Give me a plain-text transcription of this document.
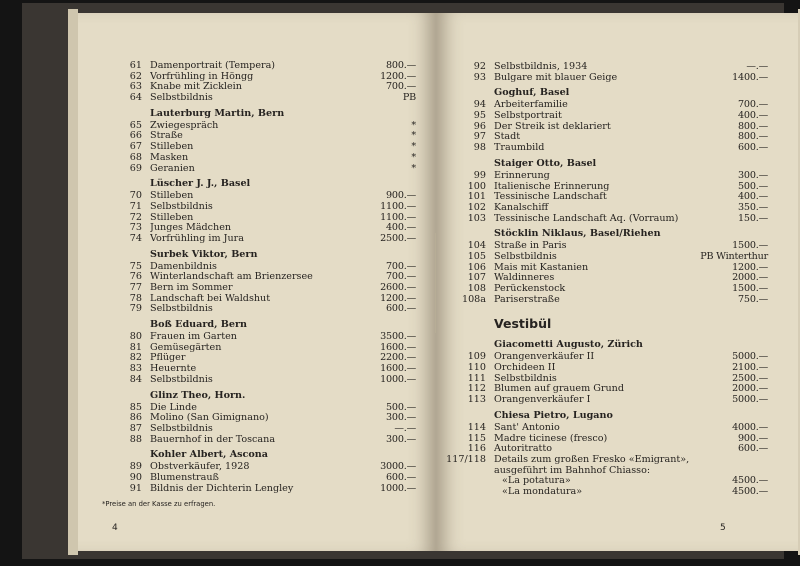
61 Damenportrait (Tempera)	800.—
62 Vorfrühling in Höngg	1200.—
63 Knabe mit Zicklein	700.—
64 Selbstbildnis	PB
Lauterburg Martin, Bern
65 Zwiegespräch	*
66 Straße	*
67 Stilleben	*
68 Masken	*
69 Geranien	*
Lüscher J. J., Basel
70 Stilleben	900.—
71 Selbstbildnis	1100.—
72 Stilleben	1100.—
73 Junges Mädchen	400.—
74 Vorfrühling im Jura	2500.—
Surbek Viktor, Bern
75 Damenbildnis	700.—
76 Winterlandschaft am Brienzersee	700.—
77 Bern im Sommer	2600.—
78 Landschaft bei Waldshut	1200.—
79 Selbstbildnis	600.—
Boß Eduard, Bern
80 Frauen im Garten	3500.—
81 Gemüsegärten	1600.—
82 Pflüger	2200.—
83 Heuernte	1600.—
84 Selbstbildnis	1000.—
Glinz Theo, Horn.
85 Die Linde	500.—
86 Molino (San Gimignano)	300.—
87 Selbstbildnis	—.—
88 Bauernhof in der Toscana	300.—
Kohler Albert, Ascona
89 Obstverkäufer, 1928	3000.—
90 Blumenstrauß	600.—
91 Bildnis der Dichterin Lengley	1000.—
*Preise an der Kasse zu erfragen.
4
92 Selbstbildnis, 1934	—.—
93 Bulgare mit blauer Geige	1400.—
Goghuf, Basel
94 Arbeiterfamilie	700.—
95 Selbstportrait	400.—
96 Der Streik ist deklariert	800.—
97 Stadt	800.—
98 Traumbild	600.—
Staiger Otto, Basel
99 Erinnerung	300.—
100 Italienische Erinnerung	500.—
101 Tessinische Landschaft	400.—
102 Kanalschiff	350.—
103 Tessinische Landschaft Aq. (Vorraum)	150.—
Stöcklin Niklaus, Basel/Riehen
104 Straße in Paris	1500.—
105 Selbstbildnis	PB Winterthur
106 Mais mit Kastanien	1200.—
107 Waldinneres	2000.—
108 Perückenstock	1500.—
108a Pariserstraße	750.—
Vestibül
Giacometti Augusto, Zürich
109 Orangenverkäufer II	5000.—
110 Orchideen II	2100.—
111 Selbstbildnis	2500.—
112 Blumen auf grauem Grund	2000.—
113 Orangenverkäufer I	5000.—
Chiesa Pietro, Lugano
114 Sant' Antonio	4000.—
115 Madre ticinese (fresco)	900.—
116 Autoritratto	600.—
117/118 Details zum großen Fresko «Emigrant»,
ausgeführt im Bahnhof Chiasso:
«La potatura»	4500.—
«La mondatura»	4500.—
5
